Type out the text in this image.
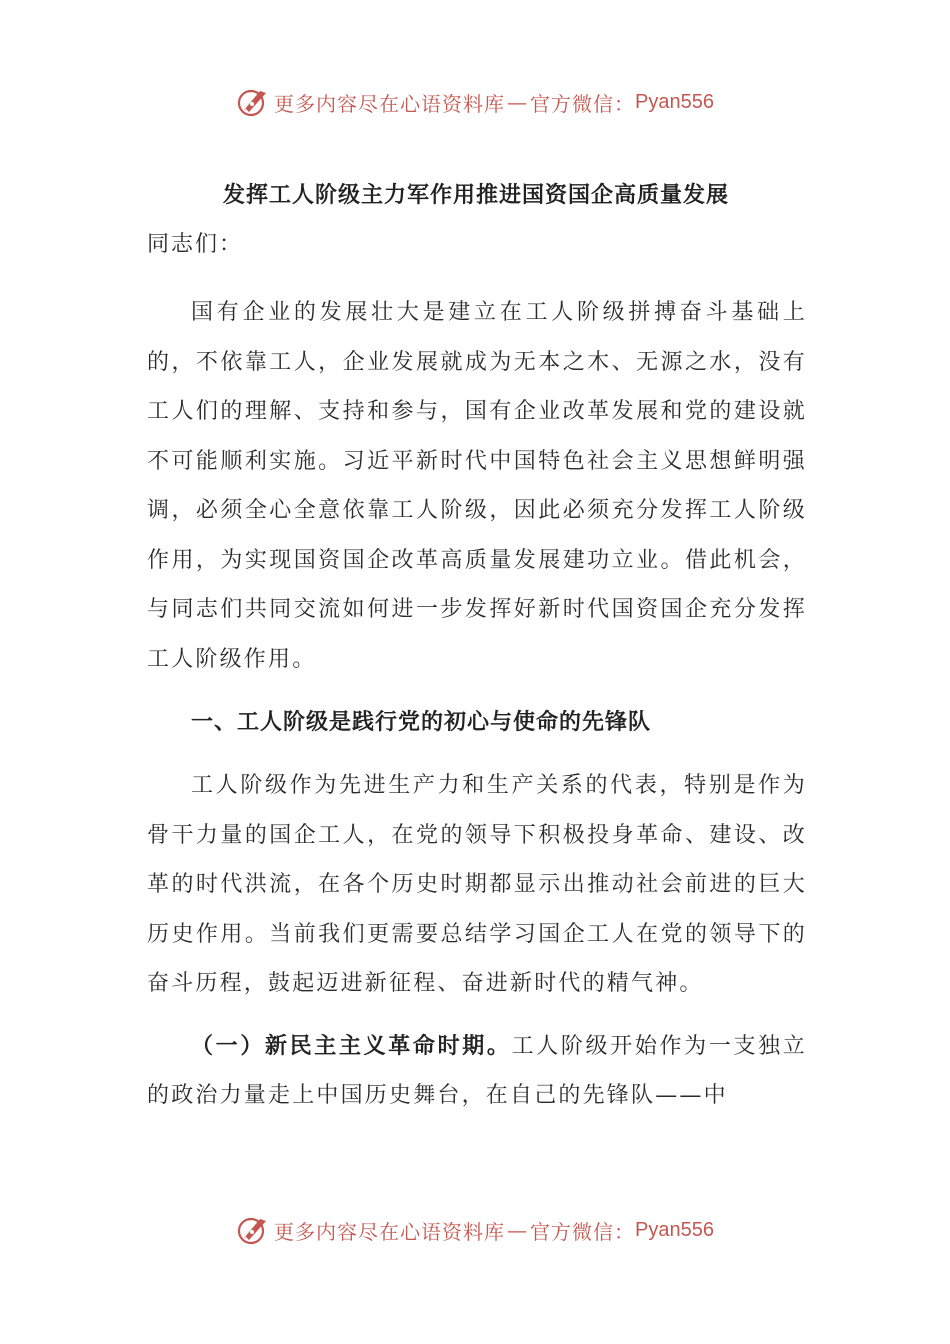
更多内容尽在心语资料库 — 官方微信： Pyan556
发挥工人阶级主力军作用推进国资国企高质量发展
同志们：

国有企业的发展壮大是建立在工人阶级拼搏奋斗基础上的，不依靠工人，企业发展就成为无本之木、无源之水，没有工人们的理解、支持和参与，国有企业改革发展和党的建设就不可能顺利实施。习近平新时代中国特色社会主义思想鲜明强调，必须全心全意依靠工人阶级，因此必须充分发挥工人阶级作用，为实现国资国企改革高质量发展建功立业。借此机会，与同志们共同交流如何进一步发挥好新时代国资国企充分发挥工人阶级作用。

一、工人阶级是践行党的初心与使命的先锋队

工人阶级作为先进生产力和生产关系的代表，特别是作为骨干力量的国企工人，在党的领导下积极投身革命、建设、改革的时代洪流，在各个历史时期都显示出推动社会前进的巨大历史作用。当前我们更需要总结学习国企工人在党的领导下的奋斗历程，鼓起迈进新征程、奋进新时代的精气神。

（一）新民主主义革命时期。工人阶级开始作为一支独立的政治力量走上中国历史舞台，在自己的先锋队——中

更多内容尽在心语资料库 — 官方微信： Pyan556
